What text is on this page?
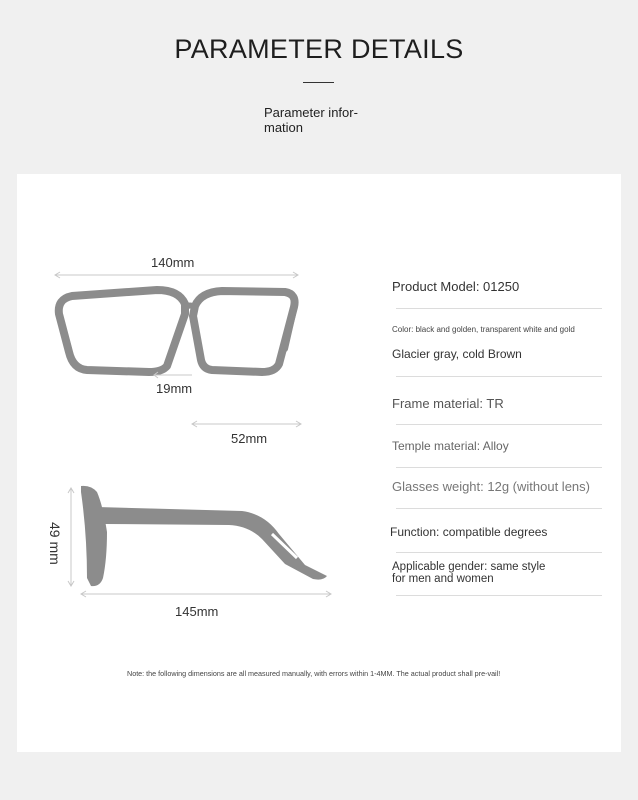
PARAMETER DETAILS
Parameter infor-mation
140mm
19mm
52mm
49 mm
145mm
Product Model: 01250
Color: black and golden, transparent white and gold
Glacier gray, cold Brown
Frame material: TR
Temple material: Alloy
Glasses weight: 12g (without lens)
Function: compatible degrees
Applicable gender: same style for men and women
Note: the following dimensions are all measured manually, with errors within 1-4MM. The actual product shall pre-vail!
